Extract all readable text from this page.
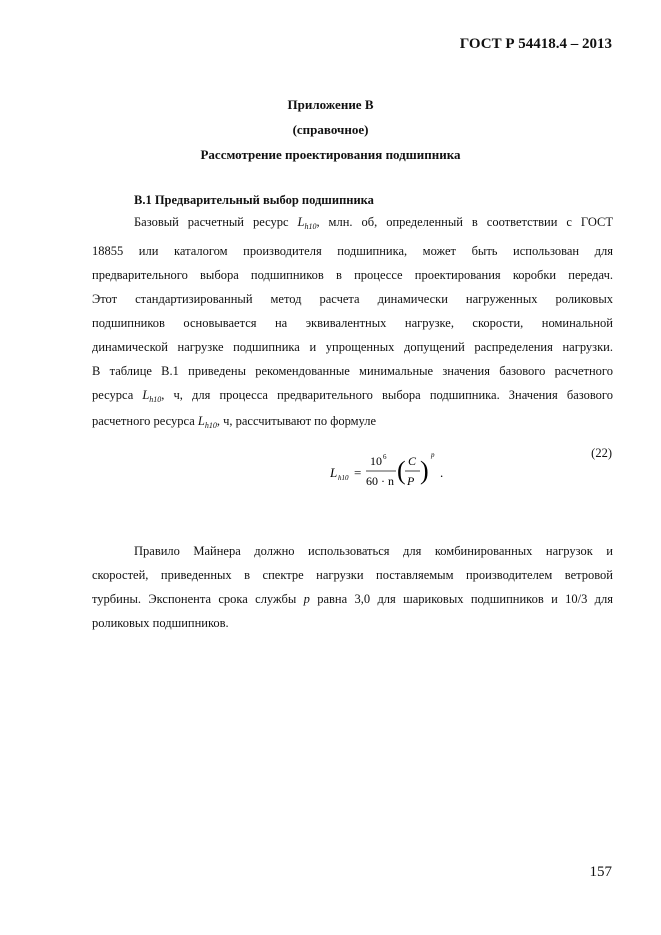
ГОСТ Р 54418.4 – 2013
Приложение В
(справочное)
Рассмотрение проектирования подшипника
В.1 Предварительный выбор подшипника
Базовый расчетный ресурс $L_{h10}$, млн. об, определенный в соответствии с ГОСТ
18855 или каталогом производителя подшипника, может быть использован для
предварительного выбора подшипников в процессе проектирования коробки передач.
Этот стандартизированный метод расчета динамически нагруженных роликовых
подшипников основывается на эквивалентных нагрузке, скорости, номинальной
динамической нагрузке подшипника и упрощенных допущений распределения нагрузки.
В таблице В.1 приведены рекомендованные минимальные значения базового расчетного
ресурса $L_{h10}$, ч, для процесса предварительного выбора подшипника. Значения базового
расчетного ресурса $L_{h10}$, ч, рассчитывают по формуле
L h10 =
10 6
60 · n ( C
P )
p
.
(22)
Правило Майнера должно использоваться для комбинированных нагрузок и
скоростей, приведенных в спектре нагрузки поставляемым производителем ветровой
турбины. Экспонента срока службы p равна 3,0 для шариковых подшипников и 10/3 для
роликовых подшипников.
157
